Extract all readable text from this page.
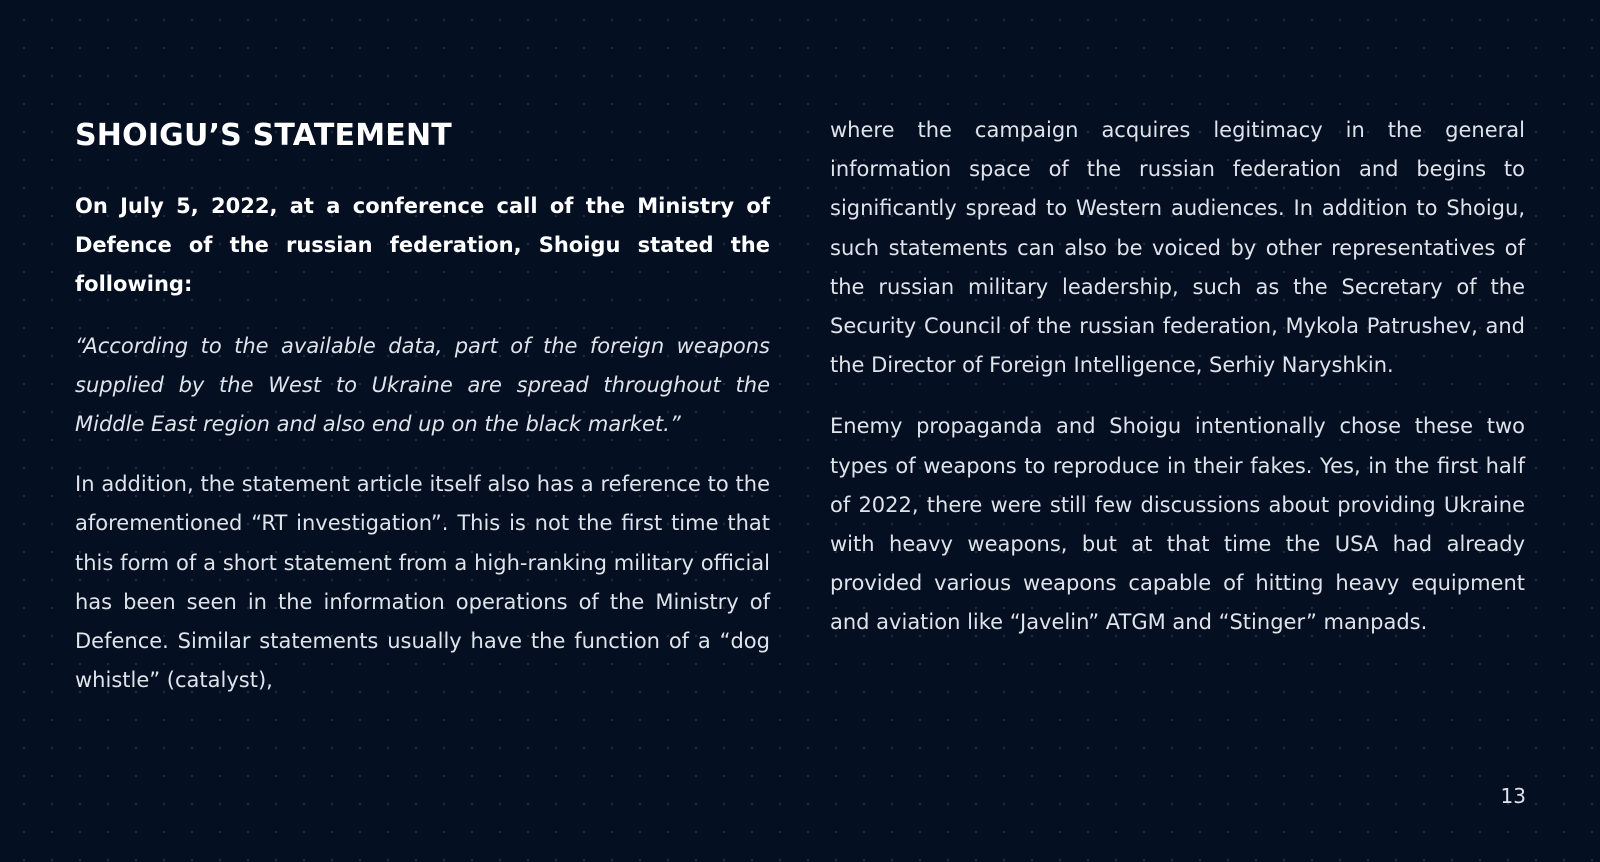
SHOIGU’S STATEMENT

On July 5, 2022, at a conference call of the Ministry of Defence of the russian federation, Shoigu stated the following:

“According to the available data, part of the foreign weapons supplied by the West to Ukraine are spread throughout the Middle East region and also end up on the black market.”

In addition, the statement article itself also has a reference to the aforementioned “RT investigation”. This is not the first time that this form of a short statement from a high-ranking military official has been seen in the information operations of the Ministry of Defence. Similar statements usually have the function of a “dog whistle” (catalyst),

where the campaign acquires legitimacy in the general information space of the russian federation and begins to significantly spread to Western audiences. In addition to Shoigu, such statements can also be voiced by other representatives of the russian military leadership, such as the Secretary of the Security Council of the russian federation, Mykola Patrushev, and the Director of Foreign Intelligence, Serhiy Naryshkin.

Enemy propaganda and Shoigu intentionally chose these two types of weapons to reproduce in their fakes. Yes, in the first half of 2022, there were still few discussions about providing Ukraine with heavy weapons, but at that time the USA had already provided various weapons capable of hitting heavy equipment and aviation like “Javelin” ATGM and “Stinger” manpads.

13
